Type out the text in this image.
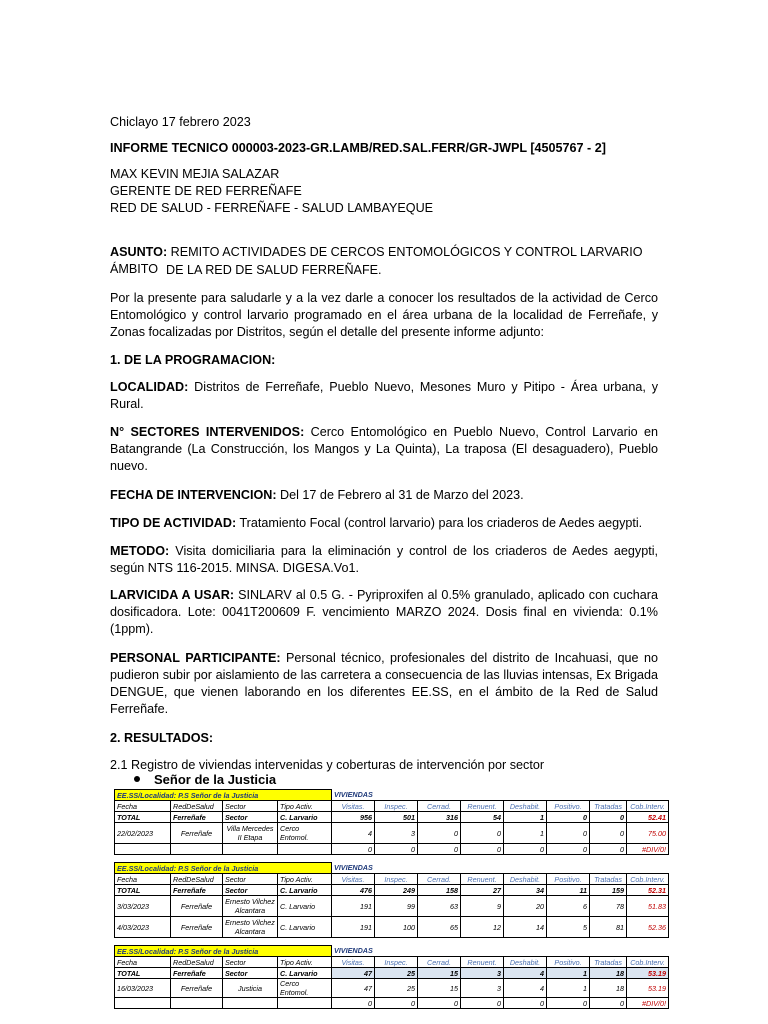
Chiclayo 17 febrero 2023
INFORME TECNICO 000003-2023-GR.LAMB/RED.SAL.FERR/GR-JWPL [4505767 - 2]
MAX KEVIN MEJIA SALAZAR
GERENTE DE RED FERREÑAFE
RED DE SALUD - FERREÑAFE - SALUD LAMBAYEQUE
ASUNTO: REMITO ACTIVIDADES DE CERCOS ENTOMOLÓGICOS Y CONTROL LARVARIO ÁMBITO DE LA RED DE SALUD FERREÑAFE.
Por la presente para saludarle y a la vez darle a conocer los resultados de la actividad de Cerco Entomológico y control larvario programado en el área urbana de la localidad de Ferreñafe, y Zonas focalizadas por Distritos, según el detalle del presente informe adjunto:
1. DE LA PROGRAMACION:
LOCALIDAD: Distritos de Ferreñafe, Pueblo Nuevo, Mesones Muro y Pitipo - Área urbana, y Rural.
N° SECTORES INTERVENIDOS: Cerco Entomológico en Pueblo Nuevo, Control Larvario en Batangrande (La Construcción, los Mangos y La Quinta), La traposa (El desaguadero), Pueblo nuevo.
FECHA DE INTERVENCION: Del 17 de Febrero al 31 de Marzo del 2023.
TIPO DE ACTIVIDAD: Tratamiento Focal (control larvario) para los criaderos de Aedes aegypti.
METODO: Visita domiciliaria para la eliminación y control de los criaderos de Aedes aegypti, según NTS 116-2015. MINSA. DIGESA.Vo1.
LARVICIDA A USAR: SINLARV al 0.5 G. - Pyriproxifen al 0.5% granulado, aplicado con cuchara dosificadora. Lote: 0041T200609 F. vencimiento MARZO 2024. Dosis final en vivienda: 0.1% (1ppm).
PERSONAL PARTICIPANTE: Personal técnico, profesionales del distrito de Incahuasi, que no pudieron subir por aislamiento de las carretera a consecuencia de las lluvias intensas, Ex Brigada DENGUE, que vienen laborando en los diferentes EE.SS, en el ámbito de la Red de Salud Ferreñafe.
2. RESULTADOS:
2.1 Registro de viviendas intervenidas y coberturas de intervención por sector
Señor de la Justicia
EE.SS/Localidad: P.S Señor de la Justicia				VIVIENDAS							
Fecha	RedDeSalud	Sector	Tipo Activ.	Visitas.	Inspec.	Cerrad.	Renuent.	Deshabit.	Positivo.	Tratadas	Cob.Interv.
TOTAL	Ferreñafe	Sector	C. Larvario	956	501	316	54	1	0	0	52.41
22/02/2023	Ferreñafe	Villa Mercedes II Etapa	Cerco Entomol.	4	3	0	0	1	0	0	75.00
				0	0	0	0	0	0	0	#DIV/0!
EE.SS/Localidad: P.S Señor de la Justicia				VIVIENDAS							
Fecha	RedDeSalud	Sector	Tipo Activ.	Visitas.	Inspec.	Cerrad.	Renuent.	Deshabit.	Positivo.	Tratadas	Cob.Interv.
TOTAL	Ferreñafe	Sector	C. Larvario	476	249	158	27	34	11	159	52.31
3/03/2023	Ferreñafe	Ernesto Vilchez Alcantara	C. Larvario	191	99	63	9	20	6	78	51.83
4/03/2023	Ferreñafe	Ernesto Vilchez Alcantara	C. Larvario	191	100	65	12	14	5	81	52.36
EE.SS/Localidad: P.S Señor de la Justicia				VIVIENDAS							
Fecha	RedDeSalud	Sector	Tipo Activ.	Visitas.	Inspec.	Cerrad.	Renuent.	Deshabit.	Positivo.	Tratadas	Cob.Interv.
TOTAL	Ferreñafe	Sector	C. Larvario	47	25	15	3	4	1	18	53.19
16/03/2023	Ferreñafe	Justicia	Cerco Entomol.	47	25	15	3	4	1	18	53.19
				0	0	0	0	0	0	0	#DIV/0!
